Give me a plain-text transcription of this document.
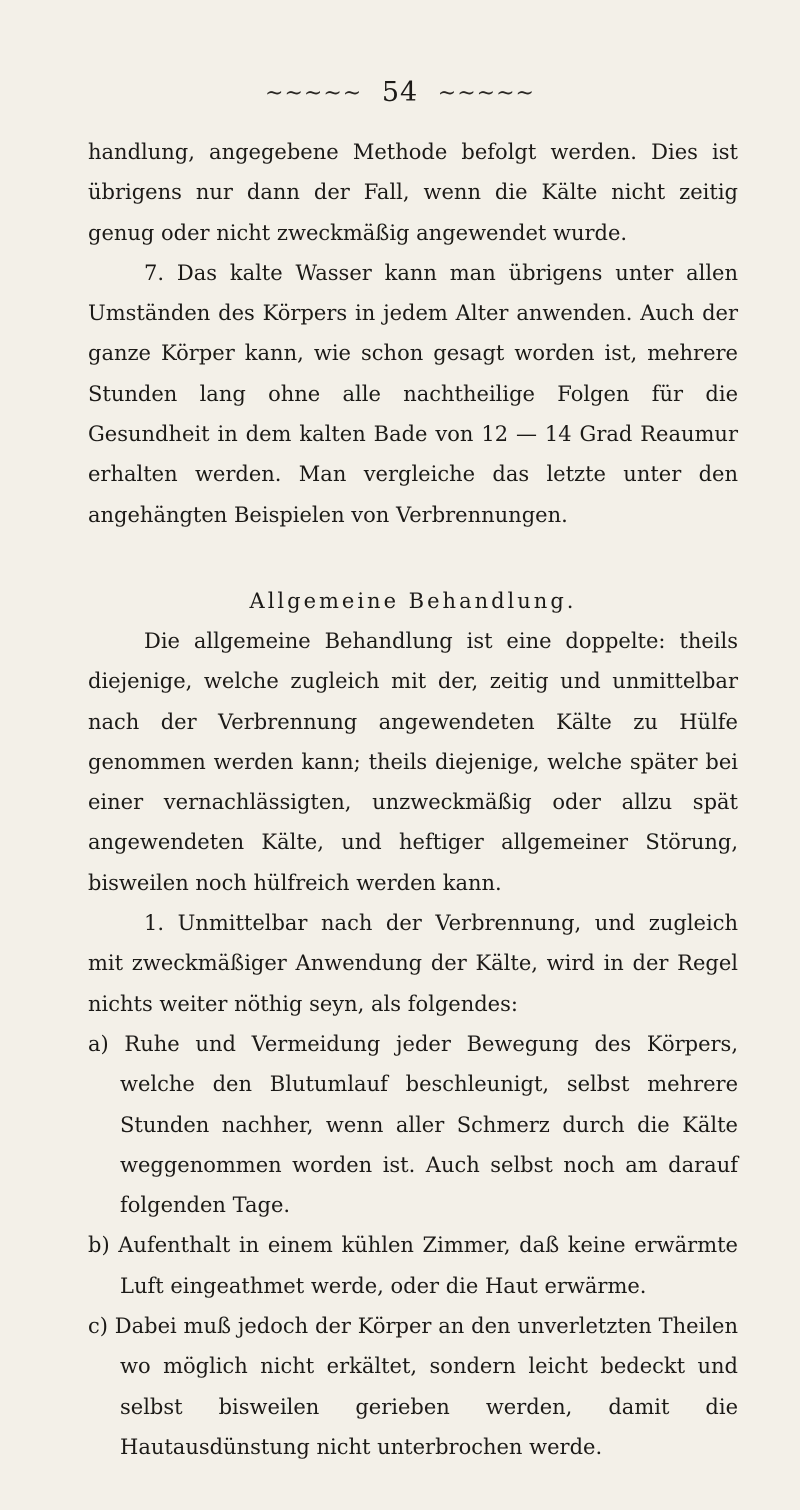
~~~~~ 54 ~~~~~

handlung, angegebene Methode befolgt werden. Dies ist übrigens nur dann der Fall, wenn die Kälte nicht zeitig genug oder nicht zweckmäßig angewendet wurde.

7. Das kalte Wasser kann man übrigens unter allen Umständen des Körpers in jedem Alter anwenden. Auch der ganze Körper kann, wie schon gesagt worden ist, mehrere Stunden lang ohne alle nachtheilige Folgen für die Gesundheit in dem kalten Bade von 12 — 14 Grad Reaumur erhalten werden. Man vergleiche das letzte unter den angehängten Beispielen von Verbrennungen.

Allgemeine Behandlung.

Die allgemeine Behandlung ist eine doppelte: theils diejenige, welche zugleich mit der, zeitig und unmittelbar nach der Verbrennung angewendeten Kälte zu Hülfe genommen werden kann; theils diejenige, welche später bei einer vernachlässigten, unzweckmäßig oder allzu spät angewendeten Kälte, und heftiger allgemeiner Störung, bisweilen noch hülfreich werden kann.

1. Unmittelbar nach der Verbrennung, und zugleich mit zweckmäßiger Anwendung der Kälte, wird in der Regel nichts weiter nöthig seyn, als folgendes:

a) Ruhe und Vermeidung jeder Bewegung des Körpers, welche den Blutumlauf beschleunigt, selbst mehrere Stunden nachher, wenn aller Schmerz durch die Kälte weggenommen worden ist. Auch selbst noch am darauf folgenden Tage.

b) Aufenthalt in einem kühlen Zimmer, daß keine erwärmte Luft eingeathmet werde, oder die Haut erwärme.

c) Dabei muß jedoch der Körper an den unverletzten Theilen wo möglich nicht erkältet, sondern leicht bedeckt und selbst bisweilen gerieben werden, damit die Hautausdünstung nicht unterbrochen werde.
